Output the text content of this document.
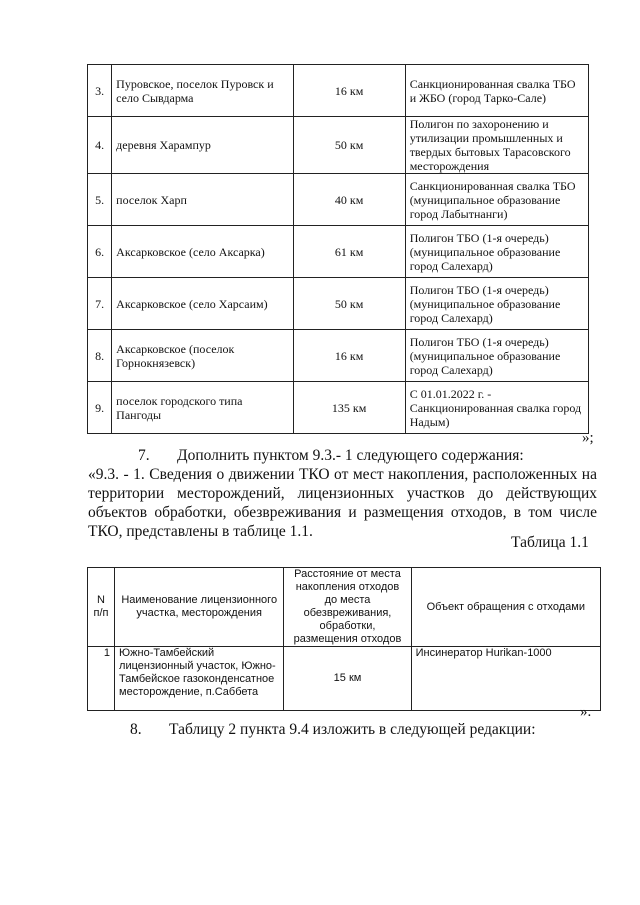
3.	Пуровское, поселок Пуровск и село Сывдарма	16 км	Санкционированная свалка ТБО и ЖБО (город Тарко-Сале)
4.	деревня Харампур	50 км	Полигон по захоронению и утилизации промышленных и твердых бытовых Тарасовского месторождения
5.	поселок Харп	40 км	Санкционированная свалка ТБО (муниципальное образование город Лабытнанги)
6.	Аксарковское (село Аксарка)	61 км	Полигон ТБО (1-я очередь) (муниципальное образование город Салехард)
7.	Аксарковское (село Харсаим)	50 км	Полигон ТБО (1-я очередь) (муниципальное образование город Салехард)
8.	Аксарковское (поселок Горнокнязевск)	16 км	Полигон ТБО (1-я очередь) (муниципальное образование город Салехард)
9.	поселок городского типа Пангоды	135 км	С 01.01.2022 г. - Санкционированная свалка город Надым)
»;
7. Дополнить пунктом 9.3.- 1 следующего содержания:
«9.3. - 1. Сведения о движении ТКО от мест накопления, расположенных на территории месторождений, лицензионных участков до действующих объектов обработки, обезвреживания и размещения отходов, в том числе ТКО, представлены в таблице 1.1.
Таблица 1.1
N п/п	Наименование лицензионного участка, месторождения	Расстояние от места накопления отходов до места обезвреживания, обработки, размещения отходов	Объект обращения с отходами
1	Южно-Тамбейский лицензионный участок, Южно-Тамбейское газоконденсатное месторождение, п.Саббета	15 км	Инсинератор Hurikan-1000
».
8. Таблицу 2 пункта 9.4 изложить в следующей редакции:
